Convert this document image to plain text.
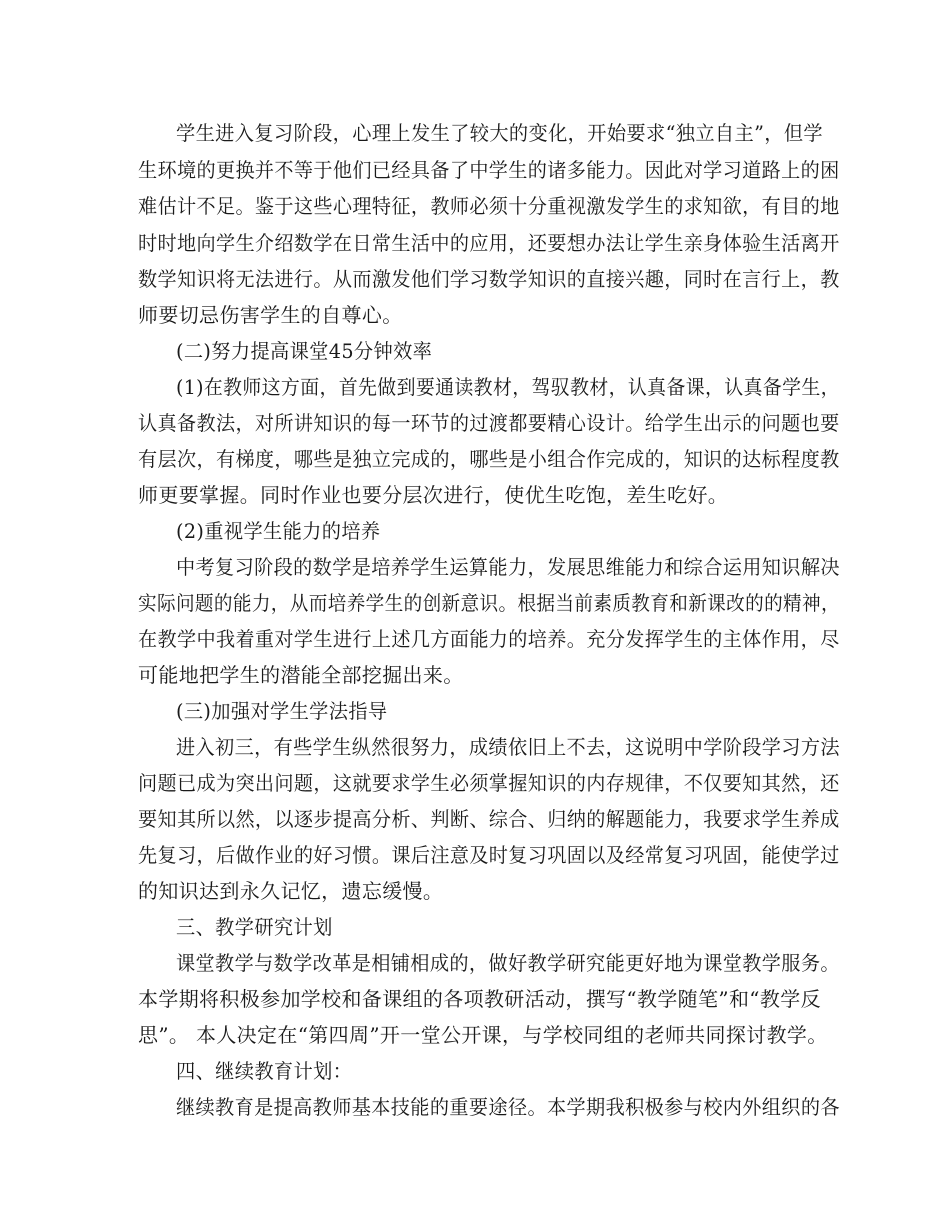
学生进入复习阶段，心理上发生了较大的变化，开始要求“独立自主”，但学
生环境的更换并不等于他们已经具备了中学生的诸多能力。因此对学习道路上的困
难估计不足。鉴于这些心理特征，教师必须十分重视激发学生的求知欲，有目的地
时时地向学生介绍数学在日常生活中的应用，还要想办法让学生亲身体验生活离开
数学知识将无法进行。从而激发他们学习数学知识的直接兴趣，同时在言行上，教
师要切忌伤害学生的自尊心。
(二)努力提高课堂45分钟效率
(1)在教师这方面，首先做到要通读教材，驾驭教材，认真备课，认真备学生，
认真备教法，对所讲知识的每一环节的过渡都要精心设计。给学生出示的问题也要
有层次，有梯度，哪些是独立完成的，哪些是小组合作完成的，知识的达标程度教
师更要掌握。同时作业也要分层次进行，使优生吃饱，差生吃好。
(2)重视学生能力的培养
中考复习阶段的数学是培养学生运算能力，发展思维能力和综合运用知识解决
实际问题的能力，从而培养学生的创新意识。根据当前素质教育和新课改的的精神，
在教学中我着重对学生进行上述几方面能力的培养。充分发挥学生的主体作用，尽
可能地把学生的潜能全部挖掘出来。
(三)加强对学生学法指导
进入初三，有些学生纵然很努力，成绩依旧上不去，这说明中学阶段学习方法
问题已成为突出问题，这就要求学生必须掌握知识的内存规律，不仅要知其然，还
要知其所以然，以逐步提高分析、判断、综合、归纳的解题能力，我要求学生养成
先复习，后做作业的好习惯。课后注意及时复习巩固以及经常复习巩固，能使学过
的知识达到永久记忆，遗忘缓慢。
三、教学研究计划
课堂教学与数学改革是相铺相成的，做好教学研究能更好地为课堂教学服务。
本学期将积极参加学校和备课组的各项教研活动，撰写“教学随笔”和“教学反
思”。 本人决定在“第四周”开一堂公开课，与学校同组的老师共同探讨教学。
四、继续教育计划：
继续教育是提高教师基本技能的重要途径。本学期我积极参与校内外组织的各
